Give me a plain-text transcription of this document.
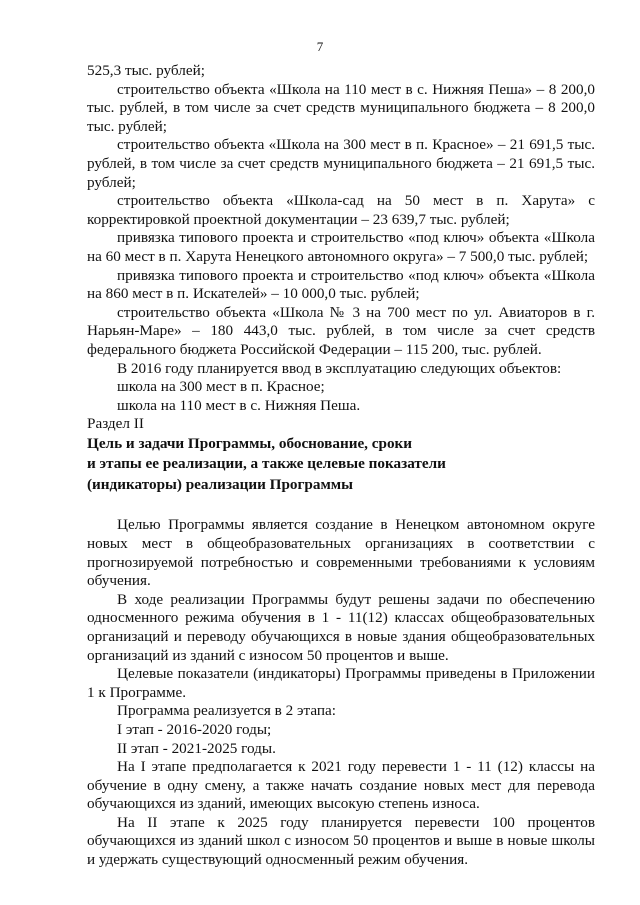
7

525,3 тыс. рублей;

строительство объекта «Школа на 110 мест в с. Нижняя Пеша» – 8 200,0 тыс. рублей, в том числе за счет средств муниципального бюджета – 8 200,0 тыс. рублей;

строительство объекта «Школа на 300 мест в п. Красное» – 21 691,5 тыс. рублей, в том числе за счет средств муниципального бюджета – 21 691,5 тыс. рублей;

строительство объекта «Школа-сад на 50 мест в п. Харута» с корректировкой проектной документации – 23 639,7 тыс. рублей;

привязка типового проекта и строительство «под ключ» объекта «Школа на 60 мест в п. Харута Ненецкого автономного округа» – 7 500,0 тыс. рублей;

привязка типового проекта и строительство «под ключ» объекта «Школа на 860 мест в п. Искателей» – 10 000,0 тыс. рублей;

строительство объекта «Школа № 3 на 700 мест по ул. Авиаторов в г. Нарьян-Маре» – 180 443,0 тыс. рублей, в том числе за счет средств федерального бюджета Российской Федерации – 115 200, тыс. рублей.

В 2016 году планируется ввод в эксплуатацию следующих объектов:

школа на 300 мест в п. Красное;

школа на 110 мест в с. Нижняя Пеша.

Раздел II

Цель и задачи Программы, обоснование, сроки
и этапы ее реализации, а также целевые показатели
(индикаторы) реализации Программы

Целью Программы является создание в Ненецком автономном округе новых мест в общеобразовательных организациях в соответствии с прогнозируемой потребностью и современными требованиями к условиям обучения.

В ходе реализации Программы будут решены задачи по обеспечению односменного режима обучения в 1 - 11(12) классах общеобразовательных организаций и переводу обучающихся в новые здания общеобразовательных организаций из зданий с износом 50 процентов и выше.

Целевые показатели (индикаторы) Программы приведены в Приложении 1 к Программе.

Программа реализуется в 2 этапа:

I этап - 2016-2020 годы;

II этап - 2021-2025 годы.

На I этапе предполагается к 2021 году перевести 1 - 11 (12) классы на обучение в одну смену, а также начать создание новых мест для перевода обучающихся из зданий, имеющих высокую степень износа.

На II этапе к 2025 году планируется перевести 100 процентов обучающихся из зданий школ с износом 50 процентов и выше в новые школы и удержать существующий односменный режим обучения.
